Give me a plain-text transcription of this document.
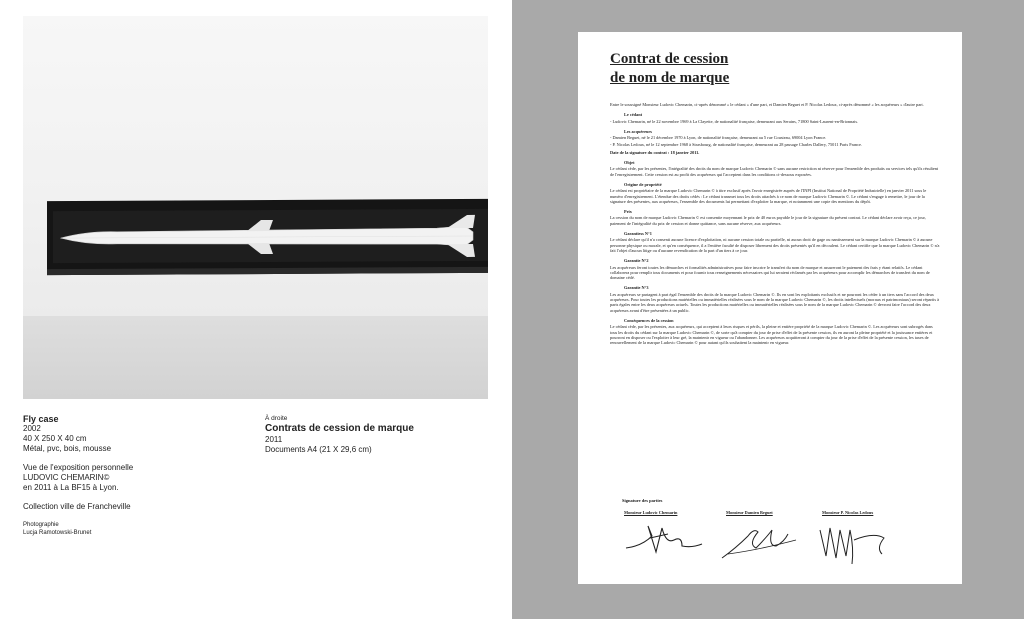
Fly case

2002

40 X 250 X 40 cm

Métal, pvc, bois, mousse

Vue de l'exposition personnelle

LUDOVIC CHEMARIN©

en 2011 à La BF15 à Lyon.

Collection ville de Francheville

Photographie

Lucja Ramotowski-Brunet

À droite

Contrats de cession de marque

2011

Documents A4 (21 X 29,6 cm)

Contrat de cession
de nom de marque

Entre le soussigné Monsieur Ludovic Chemarin, ci-après dénommé « le cédant » d'une part, et Damien Beguet et P. Nicolas Ledoux, ci-après dénommé « les acquéreurs » d'autre part.

Le cédant

- Ludovic Chemarin, né le 22 novembre 1969 à La Clayette, de nationalité française, demeurant aux Serains, 71800 Saint-Laurent-en-Brionnais.

Les acquéreurs

- Damien Beguet, né le 21 décembre 1970 à Lyon, de nationalité française, demeurant au 5 rue Cousteau, 69004 Lyon France.

- P. Nicolas Ledoux, né le 12 septembre 1968 à Strasbourg, de nationalité française, demeurant au 28 passage Charles Dallery, 75011 Paris France.

Date de la signature du contrat : 18 janvier 2011.

Objet

Le cédant cède, par les présentes, l'intégralité des droits du nom de marque Ludovic Chemarin © sans aucune restriction ni réserve pour l'ensemble des produits ou services tels qu'ils résultent de l'enregistrement. Cette cession est au profit des acquéreurs qui l'acceptent dans les conditions ci-dessous exposées.

Origine de propriété

Le cédant est propriétaire de la marque Ludovic Chemarin © à titre exclusif après l'avoir enregistrée auprès de l'INPI (Institut National de Propriété Industrielle) en janvier 2011 sous le numéro d'enregistrement. L'étendue des droits cédés : Le cédant transmet tous les droits attachés à ce nom de marque Ludovic Chemarin ©. Le cédant s'engage à remettre, le jour de la signature des présentes, aux acquéreurs, l'ensemble des documents lui permettant d'exploiter la marque, et notamment une copie des mentions du dépôt.

Prix

La cession du nom de marque Ludovic Chemarin © est consentie moyennant le prix de 40 euros payable le jour de la signature du présent contrat. Le cédant déclare avoir reçu, ce jour, paiement de l'intégralité du prix de cession et donne quittance, sans aucune réserve, aux acquéreurs.

Garantiess N°1

Le cédant déclare qu'il n'a consenti aucune licence d'exploitation, ni aucune cession totale ou partielle, ni aucun droit de gage ou nantissement sur la marque Ludovic Chemarin © à aucune personne physique ou morale, et qu'en conséquence, il a l'entière faculté de disposer librement des droits présentés qu'il en découlent. Le cédant certifie que la marque Ludovic Chemarin © n'a fait l'objet d'aucun litige ou d'aucune revendication de la part d'un tiers à ce jour.

Garantie N°2

Les acquéreurs feront toutes les démarches et formalités administratives pour faire inscrire le transfert du nom de marque et assureront le paiement des frais y étant relatifs. Le cédant collaborera pour remplir tous documents et pour fournir tous renseignements nécessaires qui lui seraient réclamés par les acquéreurs pour accomplir les démarches de transfert du nom de domaine cédé.

Garantie N°3

Les acquéreurs se partagent à part égal l'ensemble des droits de la marque Ludovic Chemarin ©. Ils en sont les exploitants exclusifs et ne pourront les céder à un tiers sans l'accord des deux acquéreurs. Pour toutes les productions matérielles ou immatérielles réalisées sous le nom de la marque Ludovic Chemarin ©, les droits intellectuels (moraux et patrimoniaux) seront répartis à parts égales entre les deux acquéreurs actuels. Toutes les productions matérielles ou immatérielles réalisées sous le nom de la marque Ludovic Chemarin © devront faire l'accord des deux acquéreurs avant d'être présentées à un public.

Conséquences de la cession

Le cédant cède, par les présentes, aux acquéreurs, qui acceptent à leurs risques et périls, la pleine et entière propriété de la marque Ludovic Chemarin ©. Les acquéreurs sont subrogés dans tous les droits du cédant sur la marque Ludovic Chemarin ©, de sorte qu'à compter du jour de prise d'effet de la présente cession, ils en auront la pleine propriété et la jouissance entières et pourront en disposer ou l'exploiter à leur gré, la maintenir en vigueur ou l'abandonner. Les acquéreurs acquitteront à compter du jour de la prise d'effet de la présente cession, les taxes de renouvellement de la marque Ludovic Chemarin © pour autant qu'ils souhaitent la maintenir en vigueur.

Signature des parties
Monsieur Ludovic Chemarin	Monsieur Damien Beguet	Monsieur P. Nicolas Ledoux
